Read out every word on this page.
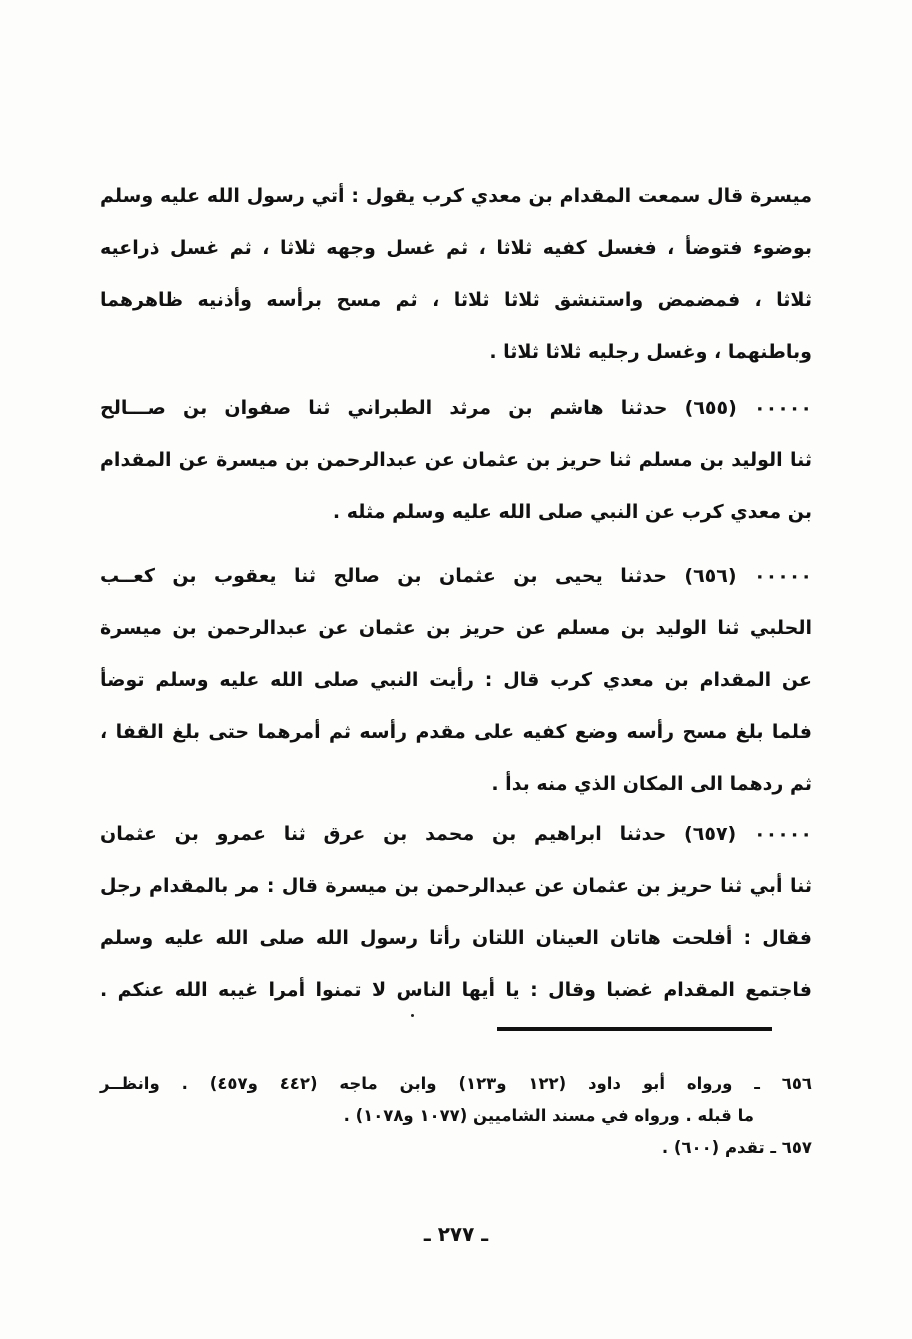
ميسرة قال سمعت المقدام بن معدي كرب يقول : أتي رسول الله عليه وسلم
بوضوء فتوضأ ، فغسل كفيه ثلاثا ، ثم غسل وجهه ثلاثا ، ثم غسل ذراعيه
ثلاثا ، فمضمض واستنشق ثلاثا ثلاثا ، ثم مسح برأسه وأذنيه ظاهرهما
وباطنهما ، وغسل رجليه ثلاثا ثلاثا .
٠٠٠٠٠ (٦٥٥) حدثنا هاشم بن مرثد الطبراني ثنا صفوان بن صـــالح
ثنا الوليد بن مسلم ثنا حريز بن عثمان عن عبدالرحمن بن ميسرة عن المقدام
بن معدي كرب عن النبي صلى الله عليه وسلم مثله .
٠٠٠٠٠ (٦٥٦) حدثنا يحيى بن عثمان بن صالح ثنا يعقوب بن كعــب
الحلبي ثنا الوليد بن مسلم عن حريز بن عثمان عن عبدالرحمن بن ميسرة
عن المقدام بن معدي كرب قال : رأيت النبي صلى الله عليه وسلم توضأ
فلما بلغ مسح رأسه وضع كفيه على مقدم رأسه ثم أمرهما حتى بلغ القفا ،
ثم ردهما الى المكان الذي منه بدأ .
٠٠٠٠٠ (٦٥٧) حدثنا ابراهيم بن محمد بن عرق ثنا عمرو بن عثمان
ثنا أبي ثنا حريز بن عثمان عن عبدالرحمن بن ميسرة قال : مر بالمقدام رجل
فقال : أفلحت هاتان العينان اللتان رأتا رسول الله صلى الله عليه وسلم
فاجتمع المقدام غضبا وقال : يا أيها الناس لا تمنوا أمرا غيبه الله عنكم .
٦٥٦ ـ ورواه أبو داود (١٢٢ و١٢٣) وابن ماجه (٤٤٢ و٤٥٧) . وانظــر
ما قبله . ورواه في مسند الشاميين (١٠٧٧ و١٠٧٨) .
٦٥٧ ـ تقدم (٦٠٠) .
ـ ٢٧٧ ـ
